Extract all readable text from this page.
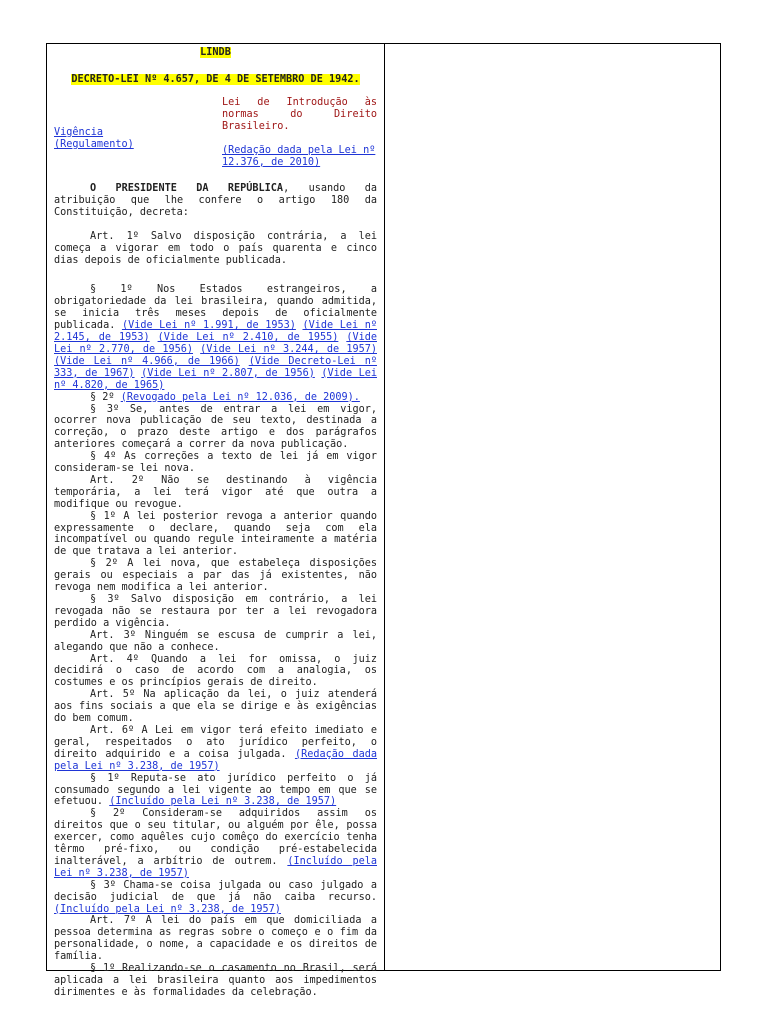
LINDB
DECRETO-LEI Nº 4.657, DE 4 DE SETEMBRO DE 1942.

Lei de Introdução às normas do Direito Brasileiro.

Vigência
(Regulamento)
(Redação dada pela Lei nº 12.376, de 2010)

O PRESIDENTE DA REPÚBLICA, usando da atribuição que lhe confere o artigo 180 da Constituição, decreta:

Art. 1º Salvo disposição contrária, a lei começa a vigorar em todo o país quarenta e cinco dias depois de oficialmente publicada.

§ 1º Nos Estados estrangeiros, a obrigatoriedade da lei brasileira, quando admitida, se inicia três meses depois de oficialmente publicada. (Vide Lei nº 1.991, de 1953) (Vide Lei nº 2.145, de 1953) (Vide Lei nº 2.410, de 1955) (Vide Lei nº 2.770, de 1956) (Vide Lei nº 3.244, de 1957) (Vide Lei nº 4.966, de 1966) (Vide Decreto-Lei nº 333, de 1967) (Vide Lei nº 2.807, de 1956) (Vide Lei nº 4.820, de 1965)

§ 2º (Revogado pela Lei nº 12.036, de 2009).

§ 3º Se, antes de entrar a lei em vigor, ocorrer nova publicação de seu texto, destinada a correção, o prazo deste artigo e dos parágrafos anteriores começará a correr da nova publicação.

§ 4º As correções a texto de lei já em vigor consideram-se lei nova.

Art. 2º Não se destinando à vigência temporária, a lei terá vigor até que outra a modifique ou revogue.

§ 1º A lei posterior revoga a anterior quando expressamente o declare, quando seja com ela incompatível ou quando regule inteiramente a matéria de que tratava a lei anterior.

§ 2º A lei nova, que estabeleça disposições gerais ou especiais a par das já existentes, não revoga nem modifica a lei anterior.

§ 3º Salvo disposição em contrário, a lei revogada não se restaura por ter a lei revogadora perdido a vigência.

Art. 3º Ninguém se escusa de cumprir a lei, alegando que não a conhece.

Art. 4º Quando a lei for omissa, o juiz decidirá o caso de acordo com a analogia, os costumes e os princípios gerais de direito.

Art. 5º Na aplicação da lei, o juiz atenderá aos fins sociais a que ela se dirige e às exigências do bem comum.

Art. 6º A Lei em vigor terá efeito imediato e geral, respeitados o ato jurídico perfeito, o direito adquirido e a coisa julgada. (Redação dada pela Lei nº 3.238, de 1957)

§ 1º Reputa-se ato jurídico perfeito o já consumado segundo a lei vigente ao tempo em que se efetuou. (Incluído pela Lei nº 3.238, de 1957)

§ 2º Consideram-se adquiridos assim os direitos que o seu titular, ou alguém por êle, possa exercer, como aquêles cujo comêço do exercício tenha têrmo pré-fixo, ou condição pré-estabelecida inalterável, a arbítrio de outrem. (Incluído pela Lei nº 3.238, de 1957)

§ 3º Chama-se coisa julgada ou caso julgado a decisão judicial de que já não caiba recurso. (Incluído pela Lei nº 3.238, de 1957)

Art. 7º A lei do país em que domiciliada a pessoa determina as regras sobre o começo e o fim da personalidade, o nome, a capacidade e os direitos de família.

§ 1º Realizando-se o casamento no Brasil, será aplicada a lei brasileira quanto aos impedimentos dirimentes e às formalidades da celebração.
